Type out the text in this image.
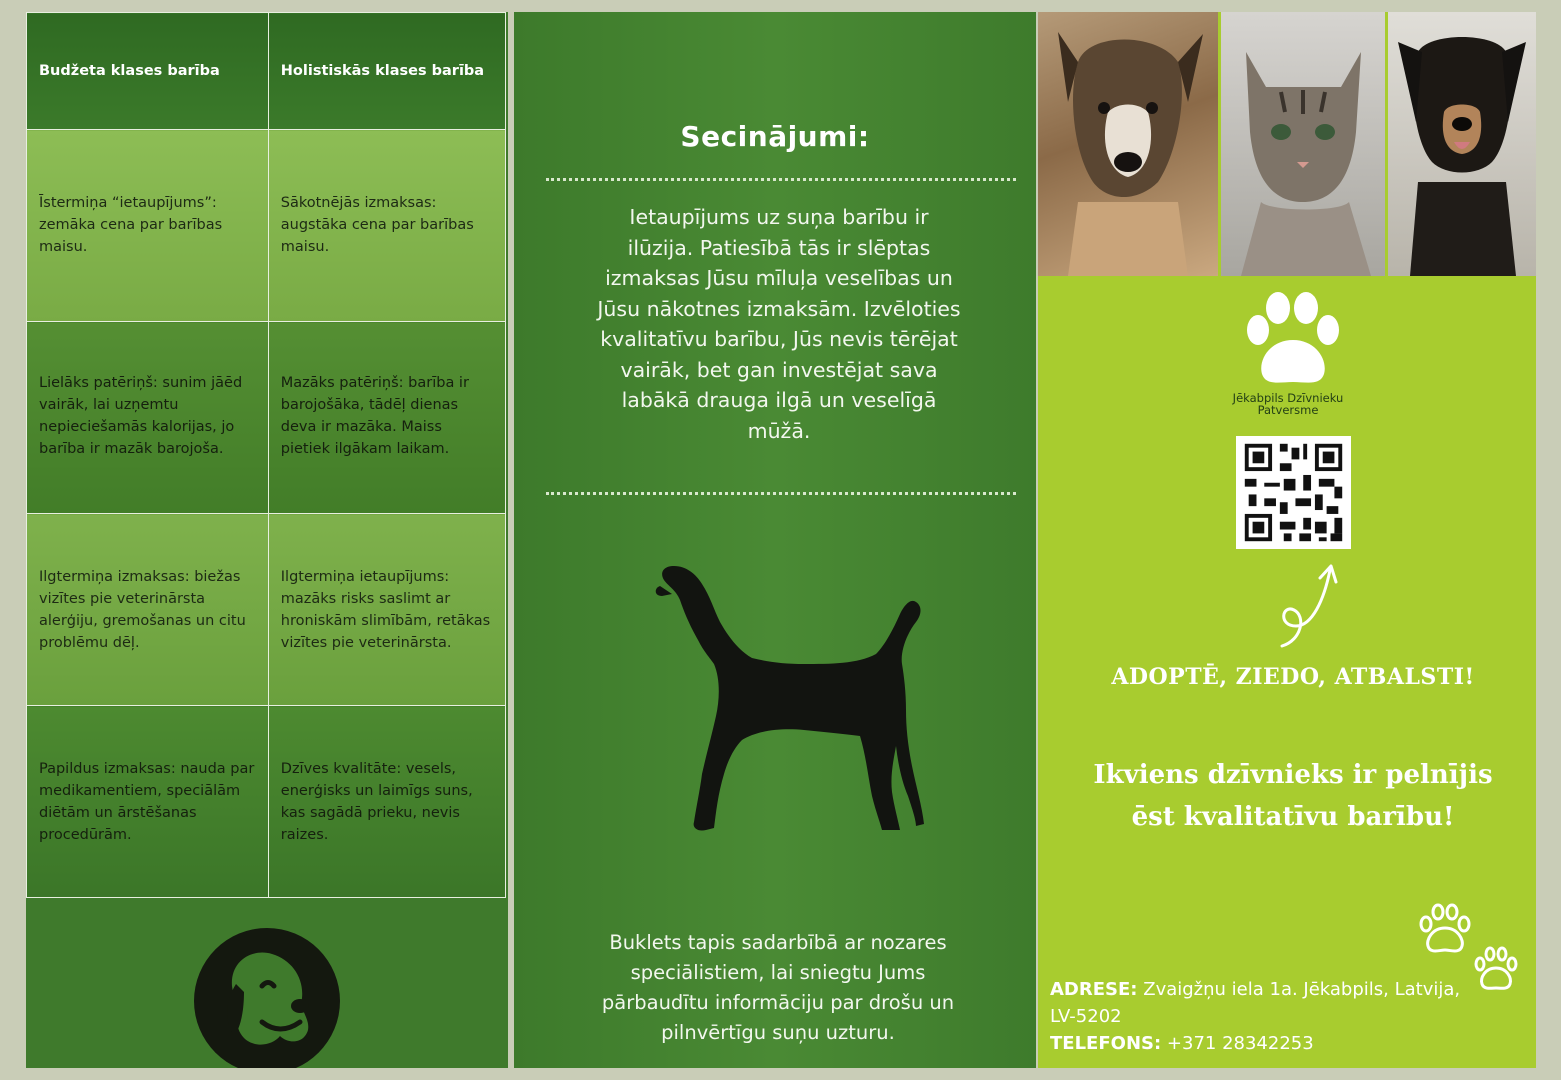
Budžeta klases barība	Holistiskās klases barība

Īstermiņa “ietaupījums”: zemāka cena par barības maisu.	Sākotnējās izmaksas: augstāka cena par barības maisu.

Lielāks patēriņš: sunim jāēd vairāk, lai uzņemtu nepieciešamās kalorijas, jo barība ir mazāk barojoša.	Mazāks patēriņš: barība ir barojošāka, tādēļ dienas deva ir mazāka. Maiss pietiek ilgākam laikam.

Ilgtermiņa izmaksas: biežas vizītes pie veterinārsta alerģiju, gremošanas un citu problēmu dēļ.	Ilgtermiņa ietaupījums: mazāks risks saslimt ar hroniskām slimībām, retākas vizītes pie veterinārsta.

Papildus izmaksas: nauda par medikamentiem, speciālām diētām un ārstēšanas procedūrām.	Dzīves kvalitāte: vesels, enerģisks un laimīgs suns, kas sagādā prieku, nevis raizes.
Secinājumi:
Ietaupījums uz suņa barību ir ilūzija. Patiesībā tās ir slēptas izmaksas Jūsu mīluļa veselības un Jūsu nākotnes izmaksām. Izvēloties kvalitatīvu barību, Jūs nevis tērējat vairāk, bet gan investējat sava labākā drauga ilgā un veselīgā mūžā.
Buklets tapis sadarbībā ar nozares speciālistiem, lai sniegtu Jums pārbaudītu informāciju par drošu un pilnvērtīgu suņu uzturu.
Jēkabpils Dzīvnieku
Patversme
ADOPTĒ, ZIEDO, ATBALSTI!
Ikviens dzīvnieks ir pelnījis
ēst kvalitatīvu barību!
ADRESE: Zvaigžņu iela 1a. Jēkabpils, Latvija, LV-5202
TELEFONS: +371 28342253
